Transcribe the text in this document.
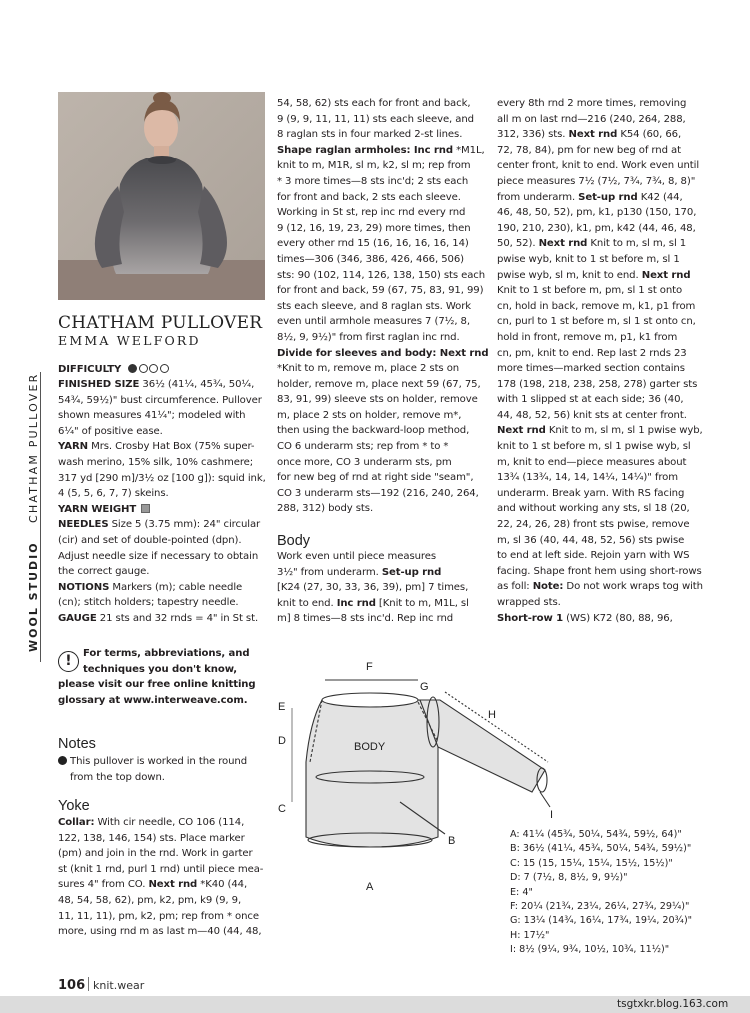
WOOL STUDIO
CHATHAM PULLOVER
CHATHAM PULLOVER
EMMA WELFORD
DIFFICULTY
FINISHED SIZE 36½ (41¼, 45¾, 50¼,
54¾, 59½)" bust circumference. Pullover
shown measures 41¼"; modeled with
6¼" of positive ease.
YARN Mrs. Crosby Hat Box (75% super-
wash merino, 15% silk, 10% cashmere;
317 yd [290 m]/3½ oz [100 g]): squid ink,
4 (5, 5, 6, 7, 7) skeins.
YARN WEIGHT
NEEDLES Size 5 (3.75 mm): 24" circular
(cir) and set of double-pointed (dpn).
Adjust needle size if necessary to obtain
the correct gauge.
NOTIONS Markers (m); cable needle
(cn); stitch holders; tapestry needle.
GAUGE 21 sts and 32 rnds = 4" in St st.
!	For terms, abbreviations, and
techniques you don't know,
please visit our free online knitting
glossary at www.interweave.com.
Notes
This pullover is worked in the round
from the top down.
Yoke
Collar: With cir needle, CO 106 (114,
122, 138, 146, 154) sts. Place marker
(pm) and join in the rnd. Work in garter
st (knit 1 rnd, purl 1 rnd) until piece mea-
sures 4" from CO. Next rnd *K40 (44,
48, 54, 58, 62), pm, k2, pm, k9 (9, 9,
11, 11, 11), pm, k2, pm; rep from * once
more, using rnd m as last m—40 (44, 48,
54, 58, 62) sts each for front and back,
9 (9, 9, 11, 11, 11) sts each sleeve, and
8 raglan sts in four marked 2-st lines.
Shape raglan armholes: Inc rnd *M1L,
knit to m, M1R, sl m, k2, sl m; rep from
* 3 more times—8 sts inc'd; 2 sts each
for front and back, 2 sts each sleeve.
Working in St st, rep inc rnd every rnd
9 (12, 16, 19, 23, 29) more times, then
every other rnd 15 (16, 16, 16, 16, 14)
times—306 (346, 386, 426, 466, 506)
sts: 90 (102, 114, 126, 138, 150) sts each
for front and back, 59 (67, 75, 83, 91, 99)
sts each sleeve, and 8 raglan sts. Work
even until armhole measures 7 (7½, 8,
8½, 9, 9½)" from first raglan inc rnd.
Divide for sleeves and body: Next rnd
*Knit to m, remove m, place 2 sts on
holder, remove m, place next 59 (67, 75,
83, 91, 99) sleeve sts on holder, remove
m, place 2 sts on holder, remove m*,
then using the backward-loop method,
CO 6 underarm sts; rep from * to *
once more, CO 3 underarm sts, pm
for new beg of rnd at right side "seam",
CO 3 underarm sts—192 (216, 240, 264,
288, 312) body sts.
Body
Work even until piece measures
3½" from underarm. Set-up rnd
[K24 (27, 30, 33, 36, 39), pm] 7 times,
knit to end. Inc rnd [Knit to m, M1L, sl
m] 8 times—8 sts inc'd. Rep inc rnd
every 8th rnd 2 more times, removing
all m on last rnd—216 (240, 264, 288,
312, 336) sts. Next rnd K54 (60, 66,
72, 78, 84), pm for new beg of rnd at
center front, knit to end. Work even until
piece measures 7½ (7½, 7¾, 7¾, 8, 8)"
from underarm. Set-up rnd K42 (44,
46, 48, 50, 52), pm, k1, p130 (150, 170,
190, 210, 230), k1, pm, k42 (44, 46, 48,
50, 52). Next rnd Knit to m, sl m, sl 1
pwise wyb, knit to 1 st before m, sl 1
pwise wyb, sl m, knit to end. Next rnd
Knit to 1 st before m, pm, sl 1 st onto
cn, hold in back, remove m, k1, p1 from
cn, purl to 1 st before m, sl 1 st onto cn,
hold in front, remove m, p1, k1 from
cn, pm, knit to end. Rep last 2 rnds 23
more times—marked section contains
178 (198, 218, 238, 258, 278) garter sts
with 1 slipped st at each side; 36 (40,
44, 48, 52, 56) knit sts at center front.
Next rnd Knit to m, sl m, sl 1 pwise wyb,
knit to 1 st before m, sl 1 pwise wyb, sl
m, knit to end—piece measures about
13¾ (13¾, 14, 14, 14¼, 14¼)" from
underarm. Break yarn. With RS facing
and without working any sts, sl 18 (20,
22, 24, 26, 28) front sts pwise, remove
m, sl 36 (40, 44, 48, 52, 56) sts pwise
to end at left side. Rejoin yarn with WS
facing. Shape front hem using short-rows
as foll: Note: Do not work wraps tog with
wrapped sts.
Short-row 1 (WS) K72 (80, 88, 96,
BODY
F
G
H
E
D
C
B
A
I
A: 41¼ (45¾, 50¼, 54¾, 59½, 64)"
B: 36½ (41¼, 45¾, 50¼, 54¾, 59½)"
C: 15 (15, 15¼, 15¼, 15½, 15½)"
D: 7 (7½, 8, 8½, 9, 9½)"
E: 4"
F: 20¼ (21¾, 23¼, 26¼, 27¾, 29¼)"
G: 13¼ (14¾, 16¼, 17¾, 19¼, 20¾)"
H: 17½"
I: 8½ (9¼, 9¾, 10½, 10¾, 11½)"
106 knit.wear
tsgtxkr.blog.163.com
